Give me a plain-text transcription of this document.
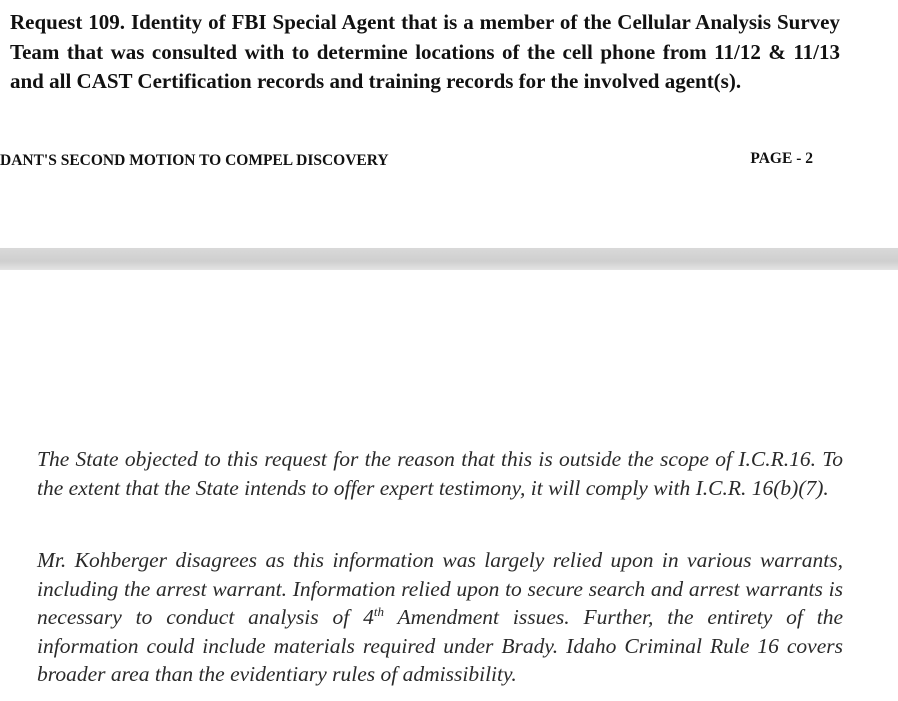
Request 109. Identity of FBI Special Agent that is a member of the Cellular Analysis Survey Team that was consulted with to determine locations of the cell phone from 11/12 & 11/13 and all CAST Certification records and training records for the involved agent(s).

DANT'S SECOND MOTION TO COMPEL DISCOVERY	PAGE - 2

The State objected to this request for the reason that this is outside the scope of I.C.R.16. To the extent that the State intends to offer expert testimony, it will comply with I.C.R. 16(b)(7).

Mr. Kohberger disagrees as this information was largely relied upon in various warrants, including the arrest warrant. Information relied upon to secure search and arrest warrants is necessary to conduct analysis of 4th Amendment issues. Further, the entirety of the information could include materials required under Brady. Idaho Criminal Rule 16 covers broader area than the evidentiary rules of admissibility.
